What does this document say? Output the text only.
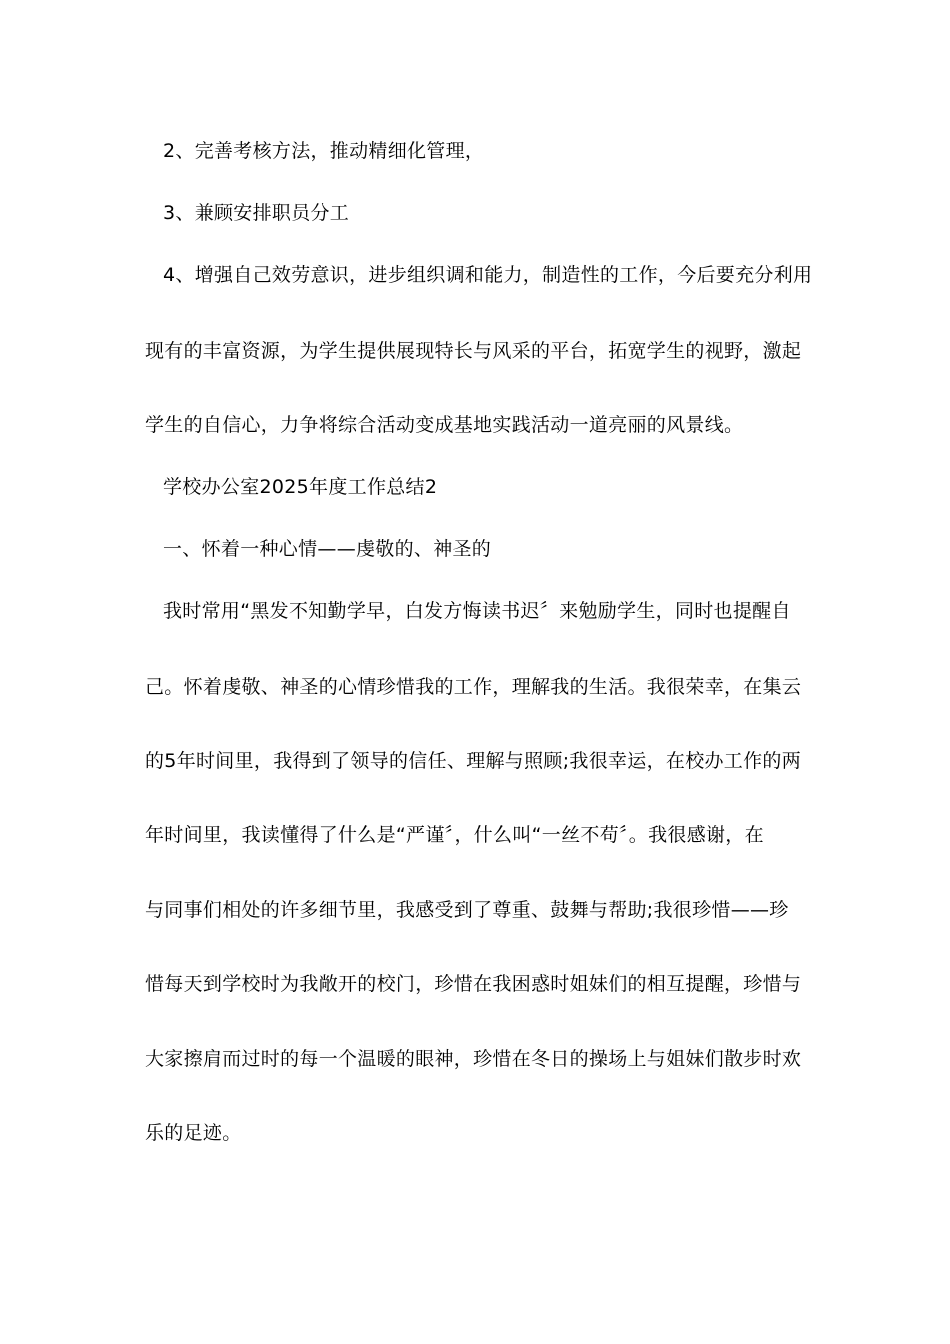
2、完善考核方法，推动精细化管理，
3、兼顾安排职员分工
4、增强自己效劳意识，进步组织调和能力，制造性的工作，今后要充分利用
现有的丰富资源，为学生提供展现特长与风采的平台，拓宽学生的视野，激起
学生的自信心，力争将综合活动变成基地实践活动一道亮丽的风景线。
学校办公室2025年度工作总结2
一、怀着一种心情——虔敬的、神圣的
我时常用“黑发不知勤学早，白发方悔读书迟〞来勉励学生，同时也提醒自
己。怀着虔敬、神圣的心情珍惜我的工作，理解我的生活。我很荣幸，在集云
的5年时间里，我得到了领导的信任、理解与照顾;我很幸运，在校办工作的两
年时间里，我读懂得了什么是“严谨〞，什么叫“一丝不苟〞。我很感谢，在
与同事们相处的许多细节里，我感受到了尊重、鼓舞与帮助;我很珍惜——珍
惜每天到学校时为我敞开的校门，珍惜在我困惑时姐妹们的相互提醒，珍惜与
大家擦肩而过时的每一个温暖的眼神，珍惜在冬日的操场上与姐妹们散步时欢
乐的足迹。
